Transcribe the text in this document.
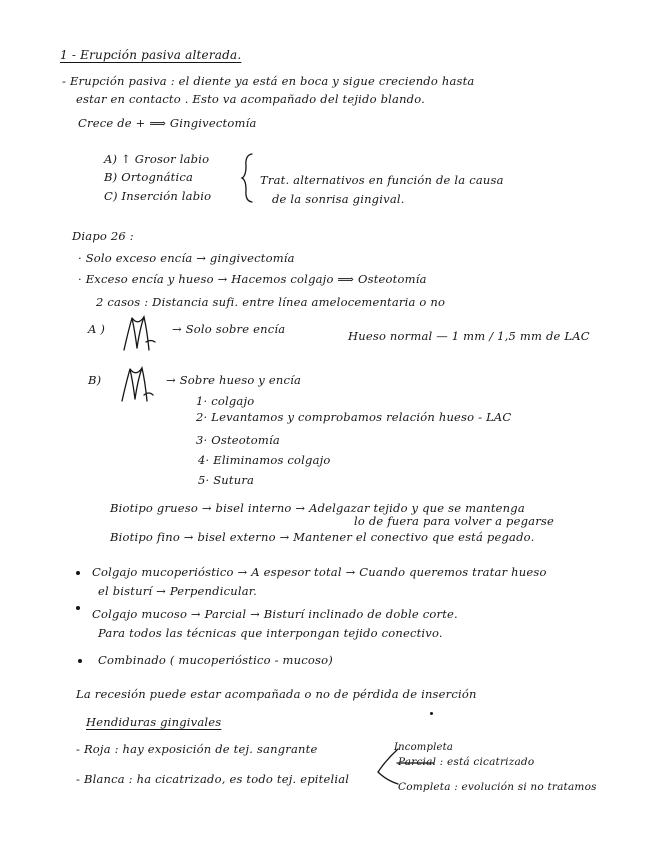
1 - Erupción pasiva alterada.
- Erupción pasiva : el diente ya está en boca y sigue creciendo hasta
estar en contacto . Esto va acompañado del tejido blando.
Crece de + ⟹ Gingivectomía
A) ↑ Grosor labio
B) Ortognática
C) Inserción labio
Trat. alternativos en función de la causa
de la sonrisa gingival.
Diapo 26 :
· Solo exceso encía → gingivectomía
· Exceso encía y hueso → Hacemos colgajo ⟹ Osteotomía
2 casos : Distancia sufi. entre línea amelocementaria o no
A )	→ Solo sobre encía	Hueso normal — 1 mm / 1,5 mm de LAC
B)	→ Sobre hueso y encía
1· colgajo
2· Levantamos y comprobamos relación hueso - LAC
3· Osteotomía
4· Eliminamos colgajo
5· Sutura
Biotipo grueso → bisel interno → Adelgazar tejido y que se mantenga
lo de fuera para volver a pegarse
Biotipo fino → bisel externo → Mantener el conectivo que está pegado.
Colgajo mucoperióstico → A espesor total → Cuando queremos tratar hueso
el bisturí → Perpendicular.
Colgajo mucoso → Parcial → Bisturí inclinado de doble corte.
Para todos las técnicas que interpongan tejido conectivo.
Combinado ( mucoperióstico - mucoso)
La recesión puede estar acompañada o no de pérdida de inserción
Hendiduras gingivales
- Roja : hay exposición de tej. sangrante
- Blanca : ha cicatrizado, es todo tej. epitelial
Incompleta
Parcial : está cicatrizado
Completa : evolución si no tratamos
